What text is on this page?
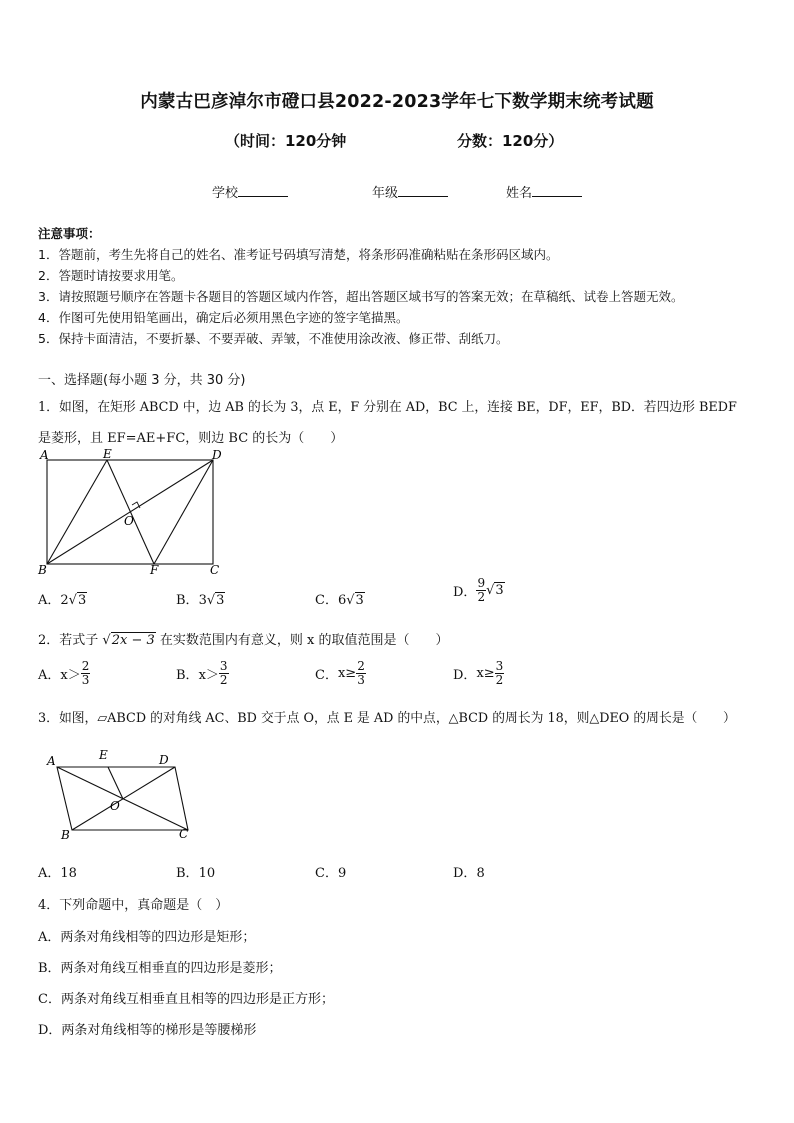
内蒙古巴彦淖尔市磴口县2022-2023学年七下数学期末统考试题
（时间：120分钟	分数：120分）
学校	年级	姓名
注意事项：
1．答题前，考生先将自己的姓名、准考证号码填写清楚，将条形码准确粘贴在条形码区域内。
2．答题时请按要求用笔。
3．请按照题号顺序在答题卡各题目的答题区域内作答，超出答题区域书写的答案无效；在草稿纸、试卷上答题无效。
4．作图可先使用铅笔画出，确定后必须用黑色字迹的签字笔描黑。
5．保持卡面清洁，不要折暴、不要弄破、弄皱，不准使用涂改液、修正带、刮纸刀。
一、选择题(每小题 3 分，共 30 分)
1．如图，在矩形 ABCD 中，边 AB 的长为 3，点 E，F 分别在 AD，BC 上，连接 BE，DF，EF，BD．若四边形 BEDF
是菱形，且 EF=AE+FC，则边 BC 的长为（　　）
A	E	D
B	F	C
O
A．2√3	B．3√3	C．6√3
D． $\frac{9}{2} √3$
2．若式子 √2x − 3 在实数范围内有意义，则 x 的取值范围是（　　）
A．$x> \frac{2}{3}$	B．$x> \frac{3}{2}$	C．$x\ge \frac{2}{3}$	D．$x\ge \frac{3}{2}$
3．如图，▱ABCD 的对角线 AC、BD 交于点 O，点 E 是 AD 的中点，△BCD 的周长为 18，则△DEO 的周长是（　　）
A	E	D
B	C
O
A．18	B．10	C．9	D．8
4．下列命题中，真命题是（　）
A．两条对角线相等的四边形是矩形；
B．两条对角线互相垂直的四边形是菱形；
C．两条对角线互相垂直且相等的四边形是正方形；
D．两条对角线相等的梯形是等腰梯形
